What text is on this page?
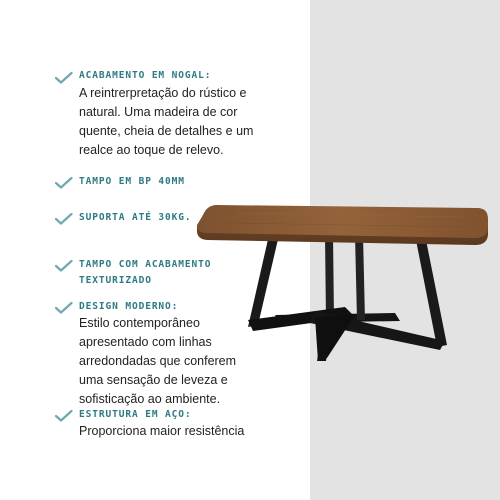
ACABAMENTO EM NOGAL:
A reintrerpretação do rústico e
natural. Uma madeira de cor
quente, cheia de detalhes e um
realce ao toque de relevo.
TAMPO EM BP 40MM
SUPORTA ATÉ 30KG.
TAMPO COM ACABAMENTO
TEXTURIZADO
DESIGN MODERNO:
Estilo contemporâneo
apresentado com linhas
arredondadas que conferem
uma sensação de leveza e
sofisticação ao ambiente.
ESTRUTURA EM AÇO:
Proporciona maior resistência
